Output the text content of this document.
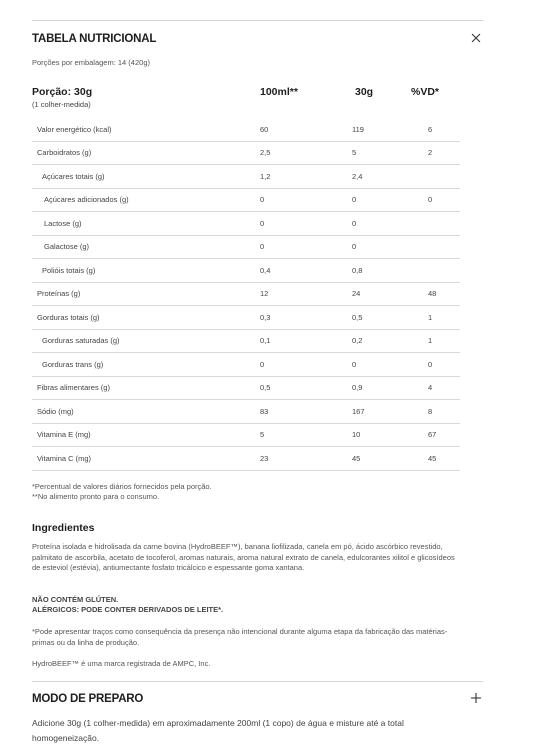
TABELA NUTRICIONAL
Porções por embalagem: 14 (420g)
Porção: 30g
(1 colher-medida)
100ml**	30g	%VD*
Valor energético (kcal)	60	119	6
Carboidratos (g)	2,5	5	2
Açúcares totais (g)	1,2	2,4	
Açúcares adicionados (g)	0	0	0
Lactose (g)	0	0	
Galactose (g)	0	0	
Polióis totais (g)	0,4	0,8	
Proteínas (g)	12	24	48
Gorduras totais (g)	0,3	0,5	1
Gorduras saturadas (g)	0,1	0,2	1
Gorduras trans (g)	0	0	0
Fibras alimentares (g)	0,5	0,9	4
Sódio (mg)	83	167	8
Vitamina E (mg)	5	10	67
Vitamina C (mg)	23	45	45
*Percentual de valores diários fornecidos pela porção.
**No alimento pronto para o consumo.
Ingredientes
Proteína isolada e hidrolisada da carne bovina (HydroBEEF™), banana liofilizada, canela em pó, ácido ascórbico revestido, palmitato de ascorbila, acetato de tocoferol, aromas naturais, aroma natural extrato de canela, edulcorantes xilitol e glicosídeos de esteviol (estévia), antiumectante fosfato tricálcico e espessante goma xantana.
NÃO CONTÉM GLÚTEN.
ALÉRGICOS: PODE CONTER DERIVADOS DE LEITE*.
*Pode apresentar traços como consequência da presença não intencional durante alguma etapa da fabricação das matérias-primas ou da linha de produção.
HydroBEEF™ é uma marca registrada de AMPC, Inc.
MODO DE PREPARO
Adicione 30g (1 colher-medida) em aproximadamente 200ml (1 copo) de água e misture até a total homogeneização.
